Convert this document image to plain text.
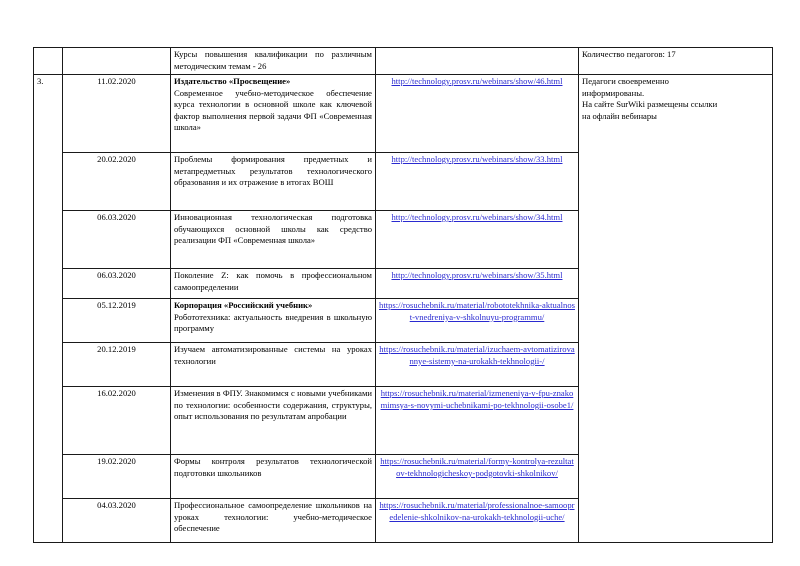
		Курсы повышения квалификации по различным методическим темам - 26		Количество педагогов: 17

3.	11.02.2020	Издательство «Просвещение»
Современное учебно-методическое обеспечение курса технологии в основной школе как ключевой фактор выполнения первой задачи ФП «Современная школа»	http://technology.prosv.ru/webinars/show/46.html	Педагоги своевременно
информированы.
На сайте SurWiki размещены ссылки
на офлайн вебинары

	20.02.2020	Проблемы формирования предметных и метапредметных результатов технологического образования и их отражение в итогах ВОШ	http://technology.prosv.ru/webinars/show/33.html	
	06.03.2020	Инновационная технологическая подготовка обучающихся основной школы как средство реализации ФП «Современная школа»	http://technology.prosv.ru/webinars/show/34.html	
	06.03.2020	Поколение Z: как помочь в профессиональном самоопределении	http://technology.prosv.ru/webinars/show/35.html	
	05.12.2019	Корпорация «Российский учебник»
Робототехника: актуальность внедрения в школьную программу	https://rosuchebnik.ru/material/robototekhnika-aktualnost-vnedreniya-v-shkolnuyu-programmu/	
	20.12.2019	Изучаем автоматизированные системы на уроках технологии	https://rosuchebnik.ru/material/izuchaem-avtomatizirovannye-sistemy-na-urokakh-tekhnologii-/	
	16.02.2020	Изменения в ФПУ. Знакомимся с новыми учебниками по технологии: особенности содержания, структуры, опыт использования по результатам апробации	https://rosuchebnik.ru/material/izmeneniya-v-fpu-znakomimsya-s-novymi-uchebnikami-po-tekhnologii-osobe1/	
	19.02.2020	Формы контроля результатов технологической подготовки школьников	https://rosuchebnik.ru/material/formy-kontrolya-rezultatov-tekhnologicheskoy-podgotovki-shkolnikov/	
	04.03.2020	Профессиональное самоопределение школьников на уроках технологии: учебно-методическое обеспечение	https://rosuchebnik.ru/material/professionalnoe-samoopredelenie-shkolnikov-na-urokakh-tekhnologii-uche/	
